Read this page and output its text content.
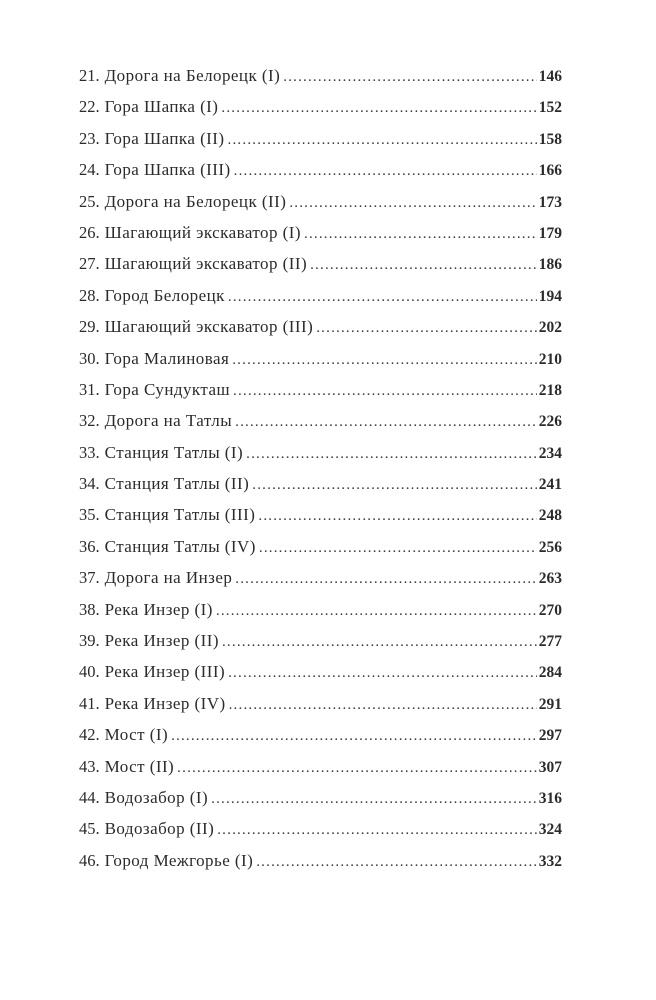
21. Дорога на Белорецк (I) .....	146
22. Гора Шапка (I) .....	152
23. Гора Шапка (II) .....	158
24. Гора Шапка (III) .....	166
25. Дорога на Белорецк (II) .....	173
26. Шагающий экскаватор (I) .....	179
27. Шагающий экскаватор (II) .....	186
28. Город Белорецк .....	194
29. Шагающий экскаватор (III) .....	202
30. Гора Малиновая .....	210
31. Гора Сундукташ .....	218
32. Дорога на Татлы .....	226
33. Станция Татлы (I) .....	234
34. Станция Татлы (II) .....	241
35. Станция Татлы (III) .....	248
36. Станция Татлы (IV) .....	256
37. Дорога на Инзер .....	263
38. Река Инзер (I) .....	270
39. Река Инзер (II) .....	277
40. Река Инзер (III) .....	284
41. Река Инзер (IV) .....	291
42. Мост (I) .....	297
43. Мост (II) .....	307
44. Водозабор (I) .....	316
45. Водозабор (II) .....	324
46. Город Межгорье (I) .....	332
